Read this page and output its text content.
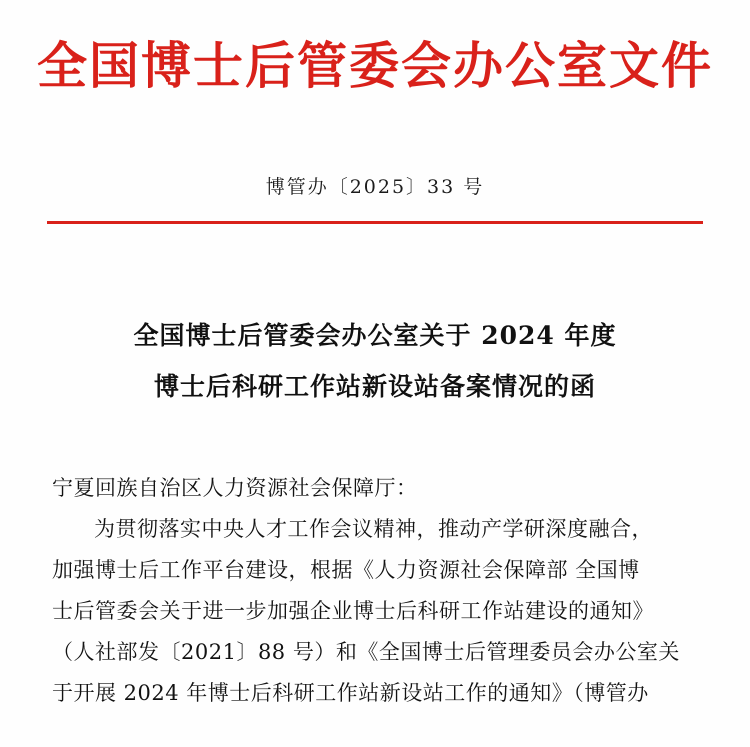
全国博士后管委会办公室文件
博管办〔2025〕33 号
全国博士后管委会办公室关于 2024 年度
博士后科研工作站新设站备案情况的函

宁夏回族自治区人力资源社会保障厅：

为贯彻落实中央人才工作会议精神，推动产学研深度融合，

加强博士后工作平台建设，根据《人力资源社会保障部 全国博

士后管委会关于进一步加强企业博士后科研工作站建设的通知》

（人社部发〔2021〕88 号）和《全国博士后管理委员会办公室关

于开展 2024 年博士后科研工作站新设站工作的通知》（博管办
